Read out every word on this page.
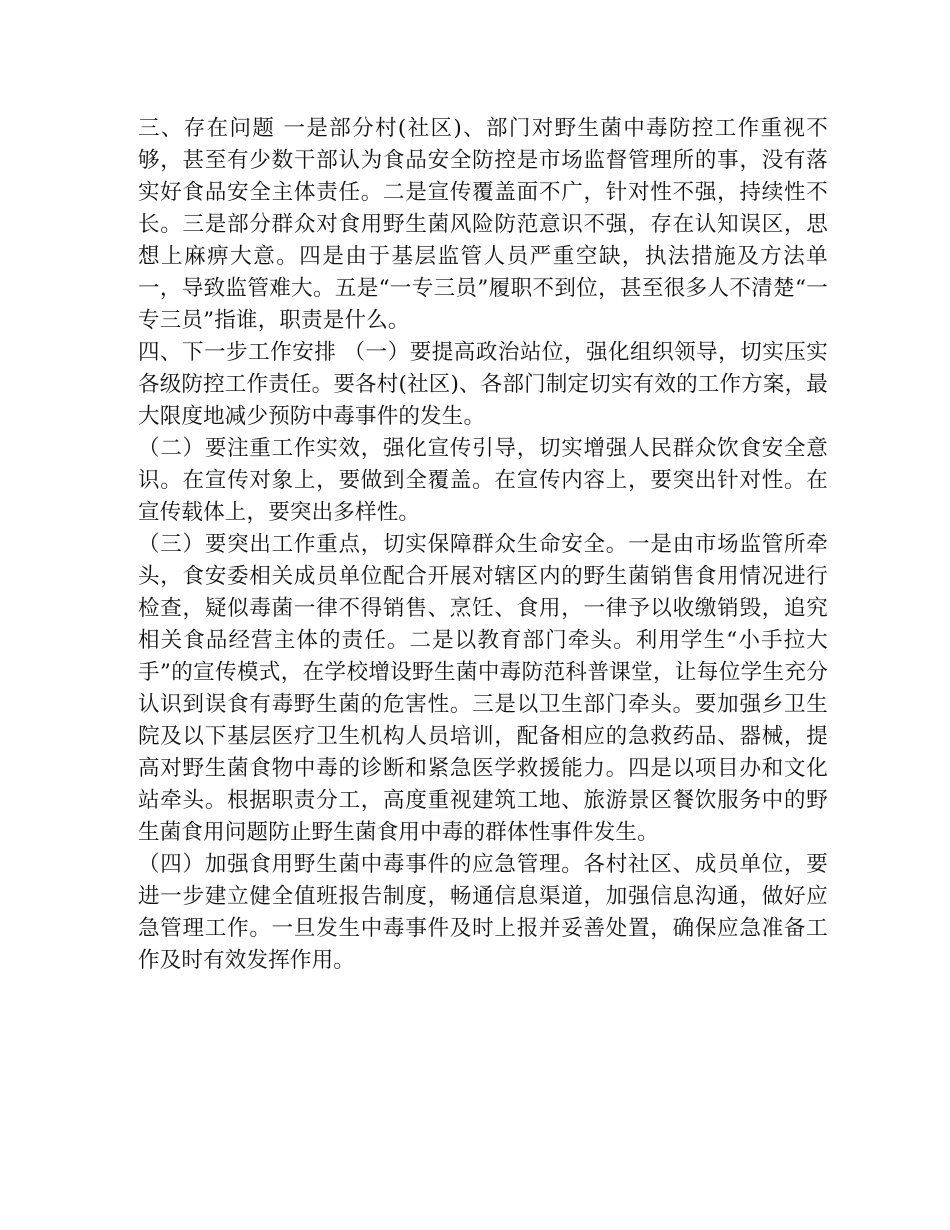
三、存在问题 一是部分村(社区)、部门对野生菌中毒防控工作重视不够，甚至有少数干部认为食品安全防控是市场监督管理所的事，没有落实好食品安全主体责任。二是宣传覆盖面不广，针对性不强，持续性不长。三是部分群众对食用野生菌风险防范意识不强，存在认知误区，思想上麻痹大意。四是由于基层监管人员严重空缺，执法措施及方法单一，导致监管难大。五是“一专三员”履职不到位，甚至很多人不清楚“一专三员”指谁，职责是什么。

四、下一步工作安排 （一）要提高政治站位，强化组织领导，切实压实各级防控工作责任。要各村(社区)、各部门制定切实有效的工作方案，最大限度地减少预防中毒事件的发生。

（二）要注重工作实效，强化宣传引导，切实增强人民群众饮食安全意识。在宣传对象上，要做到全覆盖。在宣传内容上，要突出针对性。在宣传载体上，要突出多样性。

（三）要突出工作重点，切实保障群众生命安全。一是由市场监管所牵头，食安委相关成员单位配合开展对辖区内的野生菌销售食用情况进行检查，疑似毒菌一律不得销售、烹饪、食用，一律予以收缴销毁，追究相关食品经营主体的责任。二是以教育部门牵头。利用学生“小手拉大手”的宣传模式，在学校增设野生菌中毒防范科普课堂，让每位学生充分认识到误食有毒野生菌的危害性。三是以卫生部门牵头。要加强乡卫生院及以下基层医疗卫生机构人员培训，配备相应的急救药品、器械，提高对野生菌食物中毒的诊断和紧急医学救援能力。四是以项目办和文化站牵头。根据职责分工，高度重视建筑工地、旅游景区餐饮服务中的野生菌食用问题防止野生菌食用中毒的群体性事件发生。

（四）加强食用野生菌中毒事件的应急管理。各村社区、成员单位，要进一步建立健全值班报告制度，畅通信息渠道，加强信息沟通，做好应急管理工作。一旦发生中毒事件及时上报并妥善处置，确保应急准备工作及时有效发挥作用。
